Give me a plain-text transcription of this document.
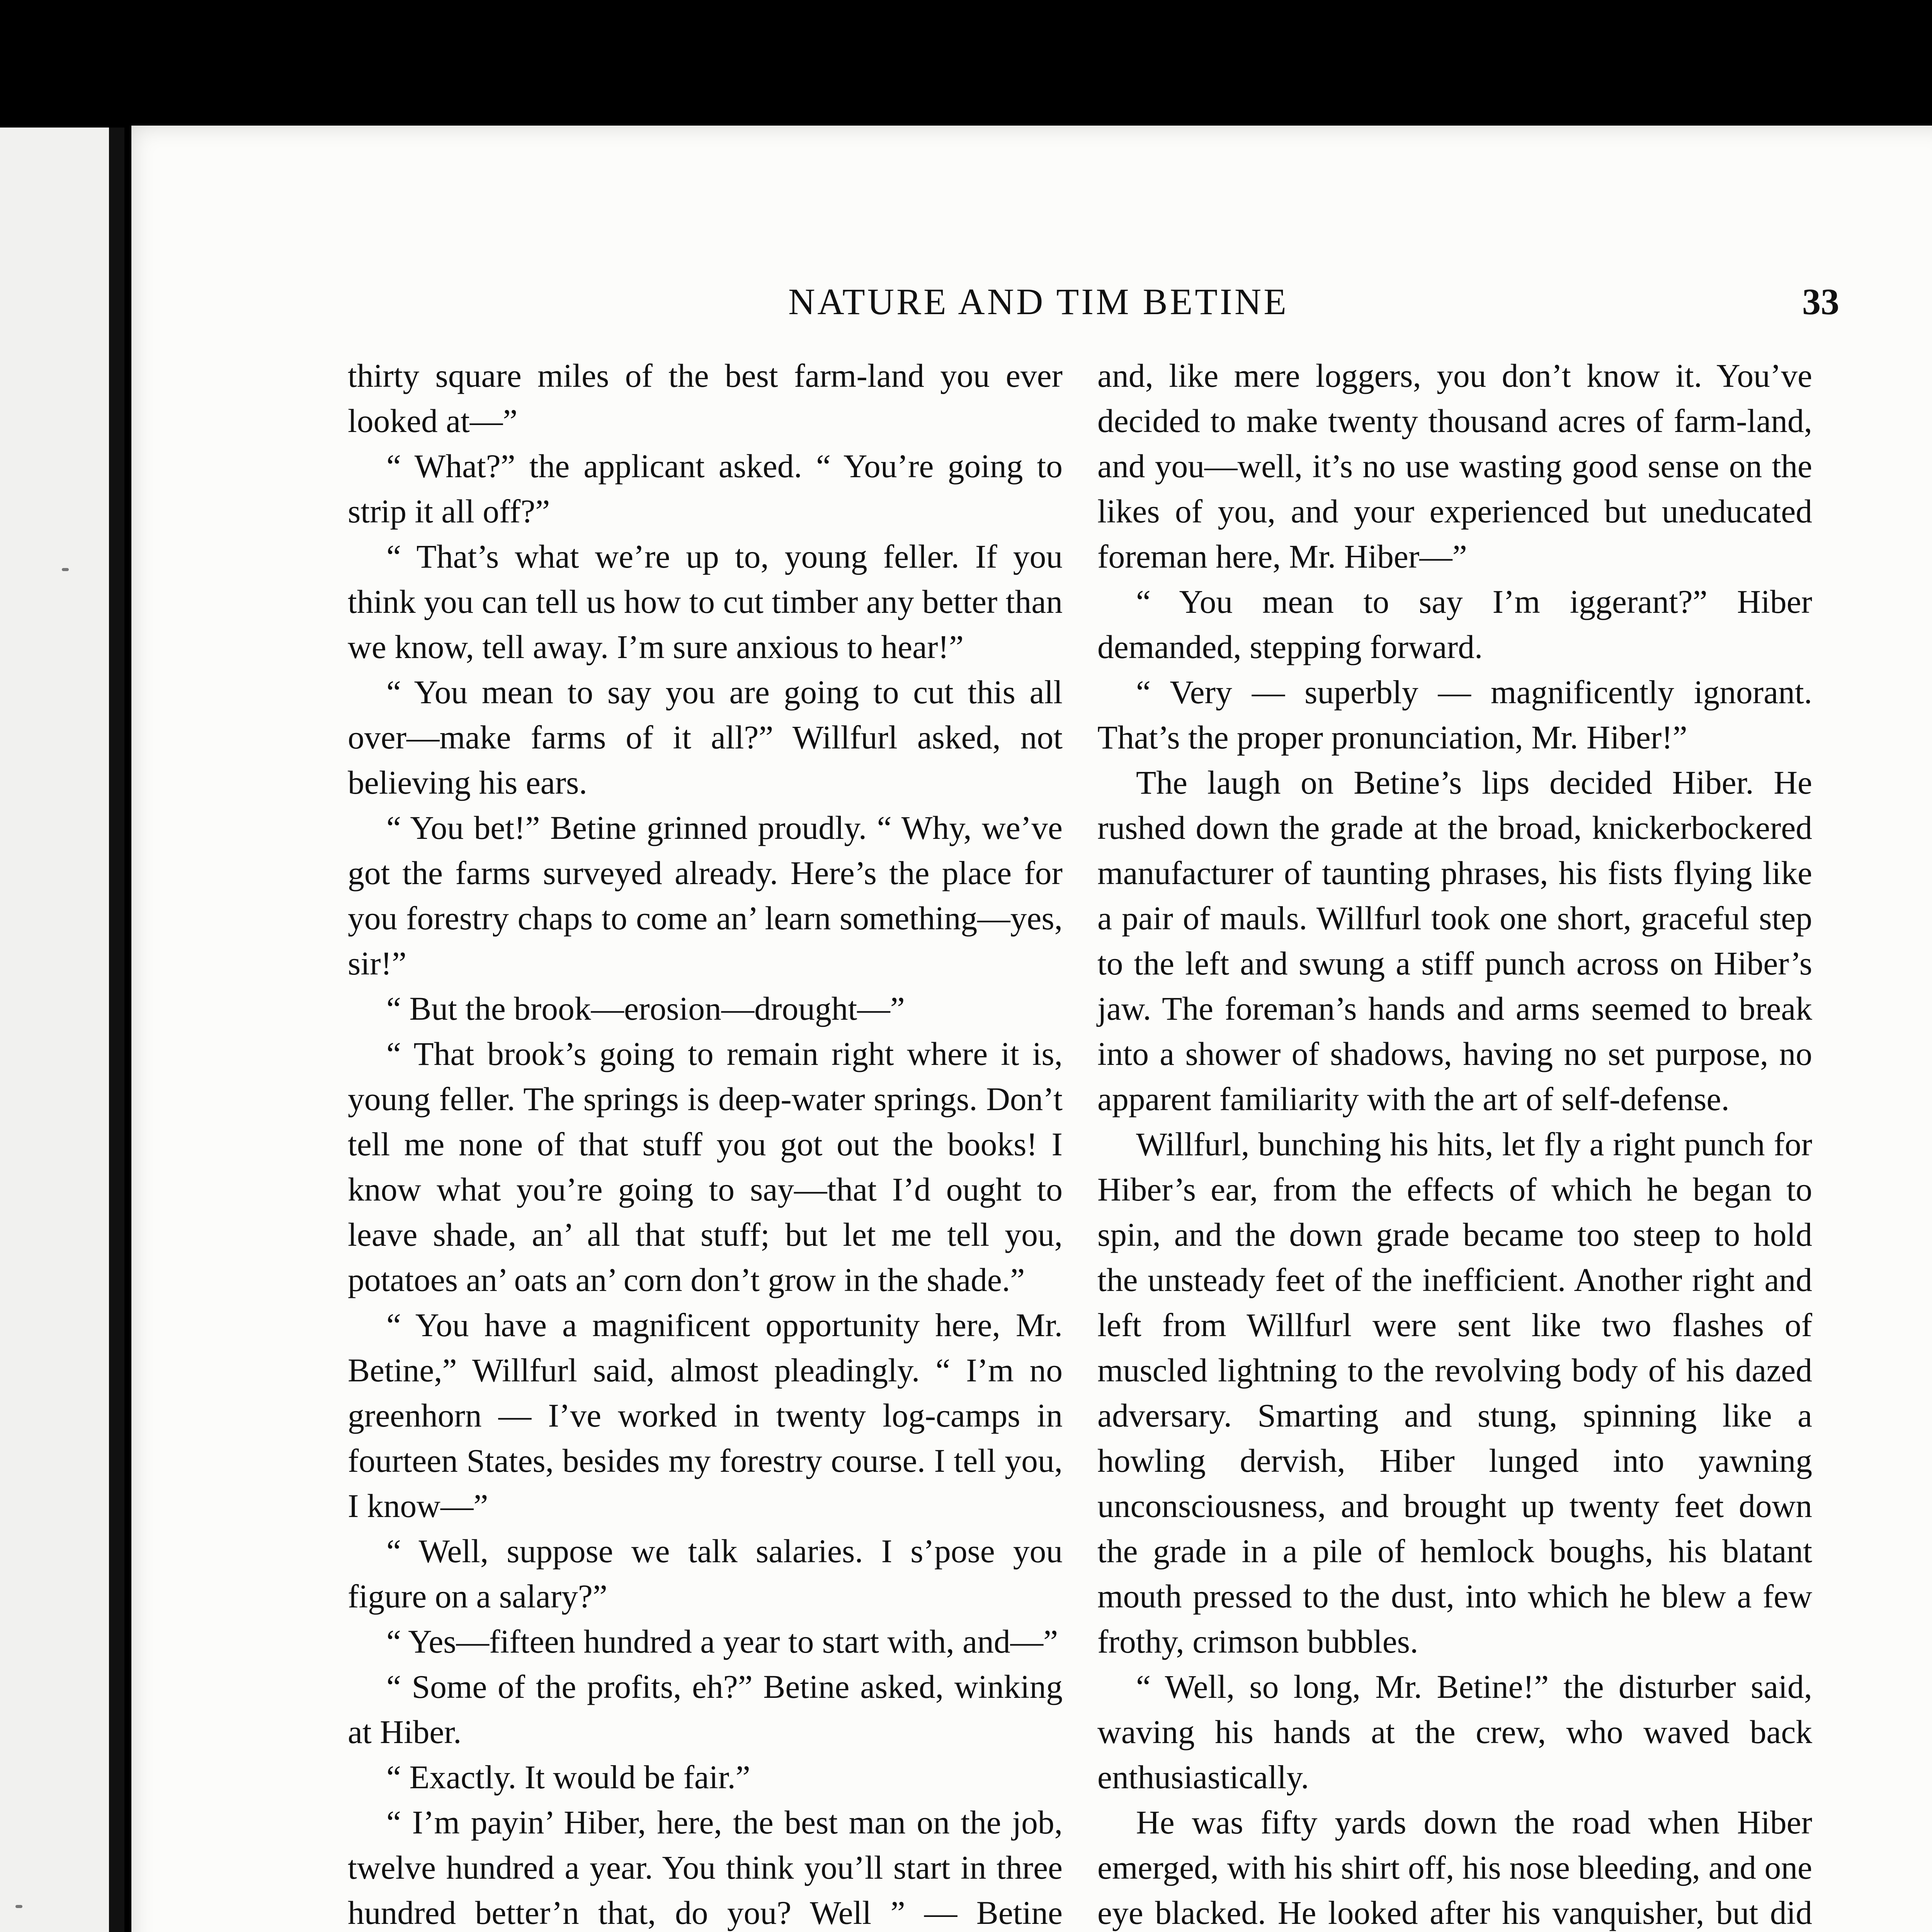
NATURE AND TIM BETINE	33

thirty square miles of the best farm-land you ever looked at—”

“ What?” the applicant asked. “ You’re going to strip it all off?”

“ That’s what we’re up to, young feller. If you think you can tell us how to cut timber any better than we know, tell away. I’m sure anxious to hear!”

“ You mean to say you are going to cut this all over—make farms of it all?” Willfurl asked, not believing his ears.

“ You bet!” Betine grinned proudly. “ Why, we’ve got the farms surveyed already. Here’s the place for you forestry chaps to come an’ learn something—yes, sir!”

“ But the brook—erosion—drought—”

“ That brook’s going to remain right where it is, young feller. The springs is deep-water springs. Don’t tell me none of that stuff you got out the books! I know what you’re going to say—that I’d ought to leave shade, an’ all that stuff; but let me tell you, potatoes an’ oats an’ corn don’t grow in the shade.”

“ You have a magnificent opportunity here, Mr. Betine,” Willfurl said, almost pleadingly. “ I’m no greenhorn — I’ve worked in twenty log-camps in fourteen States, besides my forestry course. I tell you, I know—”

“ Well, suppose we talk salaries. I s’pose you figure on a salary?”

“ Yes—fifteen hundred a year to start with, and—”

“ Some of the profits, eh?” Betine asked, winking at Hiber.

“ Exactly. It would be fair.”

“ I’m payin’ Hiber, here, the best man on the job, twelve hundred a year. You think you’ll start in three hundred better’n that, do you? Well ” — Betine

and, like mere loggers, you don’t know it. You’ve decided to make twenty thousand acres of farm-land, and you—well, it’s no use wasting good sense on the likes of you, and your experienced but uneducated foreman here, Mr. Hiber—”

“ You mean to say I’m iggerant?” Hiber demanded, stepping forward.

“ Very — superbly — magnificently ignorant. That’s the proper pronunciation, Mr. Hiber!”

The laugh on Betine’s lips decided Hiber. He rushed down the grade at the broad, knickerbockered manufacturer of taunting phrases, his fists flying like a pair of mauls. Willfurl took one short, graceful step to the left and swung a stiff punch across on Hiber’s jaw. The foreman’s hands and arms seemed to break into a shower of shadows, having no set purpose, no apparent familiarity with the art of self-defense.

Willfurl, bunching his hits, let fly a right punch for Hiber’s ear, from the effects of which he began to spin, and the down grade became too steep to hold the unsteady feet of the inefficient. Another right and left from Willfurl were sent like two flashes of muscled lightning to the revolving body of his dazed adversary. Smarting and stung, spinning like a howling dervish, Hiber lunged into yawning unconsciousness, and brought up twenty feet down the grade in a pile of hemlock boughs, his blatant mouth pressed to the dust, into which he blew a few frothy, crimson bubbles.

“ Well, so long, Mr. Betine!” the disturber said, waving his hands at the crew, who waved back enthusiastically.

He was fifty yards down the road when Hiber emerged, with his shirt off, his nose bleeding, and one eye blacked. He looked after his vanquisher, but did
